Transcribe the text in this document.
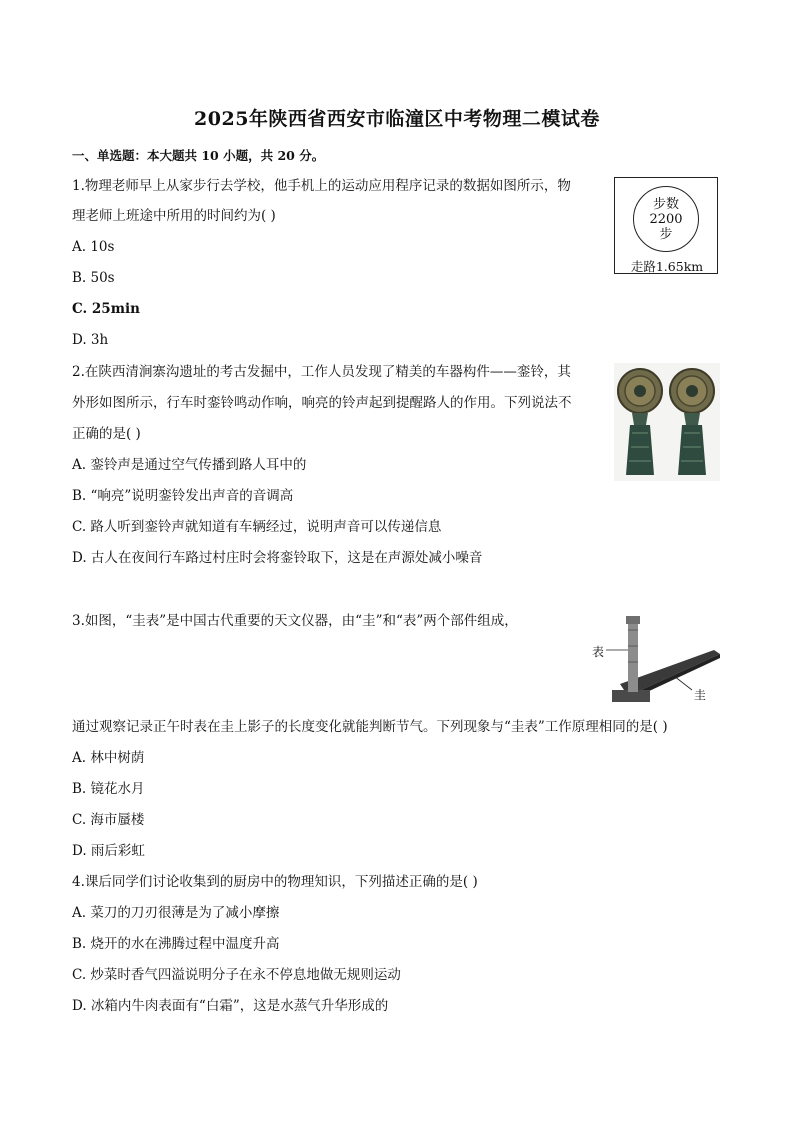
2025年陕西省西安市临潼区中考物理二模试卷
一、单选题：本大题共 10 小题，共 20 分。
1.物理老师早上从家步行去学校，他手机上的运动应用程序记录的数据如图所示，物
理老师上班途中所用的时间约为( )
A. 10s
B. 50s
C. 25min
D. 3h
步数
2200
步
走路1.65km
2.在陕西清涧寨沟遗址的考古发掘中，工作人员发现了精美的车器构件——銮铃，其
外形如图所示，行车时銮铃鸣动作响，响亮的铃声起到提醒路人的作用。下列说法不
正确的是( )
A. 銮铃声是通过空气传播到路人耳中的
B. “响亮”说明銮铃发出声音的音调高
C. 路人听到銮铃声就知道有车辆经过，说明声音可以传递信息
D. 古人在夜间行车路过村庄时会将銮铃取下，这是在声源处减小噪音
3.如图，“圭表”是中国古代重要的天文仪器，由“圭”和“表”两个部件组成，
表
圭
通过观察记录正午时表在圭上影子的长度变化就能判断节气。下列现象与“圭表”工作原理相同的是( )
A. 林中树荫
B. 镜花水月
C. 海市蜃楼
D. 雨后彩虹
4.课后同学们讨论收集到的厨房中的物理知识，下列描述正确的是( )
A. 菜刀的刀刃很薄是为了减小摩擦
B. 烧开的水在沸腾过程中温度升高
C. 炒菜时香气四溢说明分子在永不停息地做无规则运动
D. 冰箱内牛肉表面有“白霜”，这是水蒸气升华形成的
